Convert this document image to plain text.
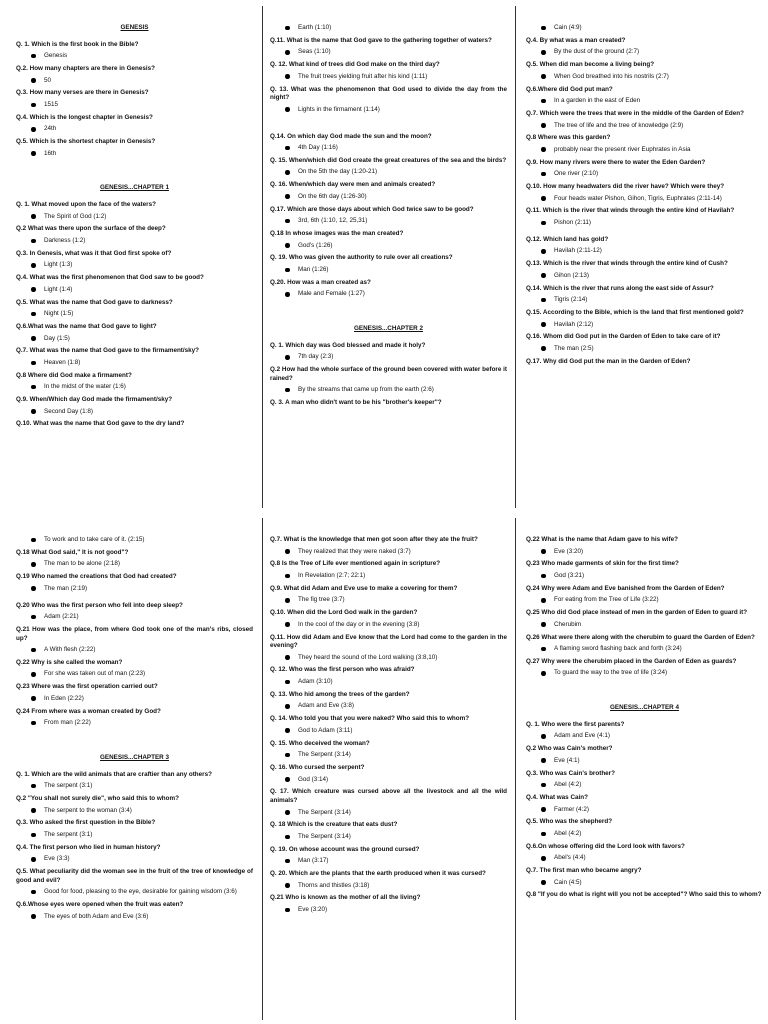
GENESIS
Q. 1. Which is the first book in the Bible?
Genesis
Q.2. How many chapters are there in Genesis?
50
Q.3. How many verses are there in Genesis?
1515
Q.4. Which is the longest chapter in Genesis?
24th
Q.5. Which is the shortest chapter in Genesis?
16th
GENESIS...CHAPTER 1
Q. 1. What moved upon the face of the waters?
The Spirit of God (1:2)
Q.2 What was there upon the surface of the deep?
Darkness (1:2)
Q.3. In Genesis, what was it that God first spoke of?
Light (1:3)
Q.4. What was the first phenomenon that God saw to be good?
Light (1:4)
Q.5. What was the name that God gave to darkness?
Night (1:5)
Q.6.What was the name that God gave to light?
Day (1:5)
Q.7. What was the name that God gave to the firmament/sky?
Heaven (1:8)
Q.8 Where did God make a firmament?
In the midst of the water (1:6)
Q.9. When/Which day God made the firmament/sky?
Second Day (1:8)
Q.10. What was the name that God gave to the dry land?
Earth (1:10)
Q.11. What is the name that God gave to the gathering together of waters?
Seas (1:10)
Q. 12. What kind of trees did God make on the third day?
The fruit trees yielding fruit after his kind (1:11)
Q. 13. What was the phenomenon that God used to divide the day from the night?
Lights in the firmament (1:14)
Q.14. On which day God made the sun and the moon?
4th Day (1:16)
Q. 15. When/which did God create the great creatures of the sea and the birds?
On the 5th the day (1:20-21)
Q. 16. When/which day were men and animals created?
On the 6th day (1:26-30)
Q.17. Which are those days about which God twice saw to be good?
3rd, 6th (1:10, 12, 25,31)
Q.18 In whose images was the man created?
God's (1:26)
Q. 19. Who was given the authority to rule over all creations?
Man (1:26)
Q.20. How was a man created as?
Male and Female (1:27)
GENESIS...CHAPTER 2
Q. 1. Which day was God blessed and made it holy?
7th day (2:3)
Q.2 How had the whole surface of the ground been covered with water before it rained?
By the streams that came up from the earth (2:6)
Q. 3. A man who didn't want to be his "brother's keeper"?
Cain (4:9)
Q.4. By what was a man created?
By the dust of the ground (2:7)
Q.5. When did man become a living being?
When God breathed into his nostrils (2:7)
Q.6.Where did God put man?
In a garden in the east of Eden
Q.7. Which were the trees that were in the middle of the Garden of Eden?
The tree of life and the tree of knowledge (2:9)
Q.8 Where was this garden?
probably near the present river Euphrates in Asia
Q.9. How many rivers were there to water the Eden Garden?
One river (2:10)
Q.10. How many headwaters did the river have? Which were they?
Four heads water Pishon, Gihon, Tigris, Euphrates (2:11-14)
Q.11. Which is the river that winds through the entire kind of Havilah?
Pishon (2:11)
Q.12. Which land has gold?
Havilah (2:11-12)
Q.13. Which is the river that winds through the entire kind of Cush?
Gihon (2:13)
Q.14. Which is the river that runs along the east side of Assur?
Tigris (2:14)
Q.15. According to the Bible, which is the land that first mentioned gold?
Havilah (2:12)
Q.16. Whom did God put in the Garden of Eden to take care of it?
The man (2:5)
Q.17. Why did God put the man in the Garden of Eden?
To work and to take care of it. (2:15)
Q.18 What God said," It is not good"?
The man to be alone (2:18)
Q.19 Who named the creations that God had created?
The man (2:19)
Q.20 Who was the first person who fell into deep sleep?
Adam (2:21)
Q.21 How was the place, from where God took one of the man's ribs, closed up?
A With flesh (2:22)
Q.22 Why is she called the woman?
For she was taken out of man (2:23)
Q.23 Where was the first operation carried out?
In Eden (2:22)
Q.24 From where was a woman created by God?
From man (2:22)
GENESIS...CHAPTER 3
Q. 1. Which are the wild animals that are craftier than any others?
The serpent (3:1)
Q.2 "You shall not surely die", who said this to whom?
The serpent to the woman (3:4)
Q.3. Who asked the first question in the Bible?
The serpent (3:1)
Q.4. The first person who lied in human history?
Eve (3:3)
Q.5. What peculiarity did the woman see in the fruit of the tree of knowledge of good and evil?
Good for food, pleasing to the eye, desirable for gaining wisdom (3:6)
Q.6.Whose eyes were opened when the fruit was eaten?
The eyes of both Adam and Eve (3:6)
Q.7. What is the knowledge that men got soon after they ate the fruit?
They realized that they were naked (3:7)
Q.8 Is the Tree of Life ever mentioned again in scripture?
In Revelation (2:7; 22:1)
Q.9. What did Adam and Eve use to make a covering for them?
The fig tree (3:7)
Q.10. When did the Lord God walk in the garden?
In the cool of the day or in the evening (3:8)
Q.11. How did Adam and Eve know that the Lord had come to the garden in the evening?
They heard the sound of the Lord walking (3:8,10)
Q. 12. Who was the first person who was afraid?
Adam (3:10)
Q. 13. Who hid among the trees of the garden?
Adam and Eve (3:8)
Q. 14. Who told you that you were naked? Who said this to whom?
God to Adam (3:11)
Q. 15. Who deceived the woman?
The Serpent (3:14)
Q. 16. Who cursed the serpent?
God (3:14)
Q. 17. Which creature was cursed above all the livestock and all the wild animals?
The Serpent (3:14)
Q. 18 Which is the creature that eats dust?
The Serpent (3:14)
Q. 19. On whose account was the ground cursed?
Man (3:17)
Q. 20. Which are the plants that the earth produced when it was cursed?
Thorns and thistles (3:18)
Q.21 Who is known as the mother of all the living?
Eve (3:20)
Q.22 What is the name that Adam gave to his wife?
Eve (3:20)
Q.23 Who made garments of skin for the first time?
God (3:21)
Q.24 Why were Adam and Eve banished from the Garden of Eden?
For eating from the Tree of Life (3:22)
Q.25 Who did God place instead of men in the garden of Eden to guard it?
Cherubim
Q.26 What were there along with the cherubim to guard the Garden of Eden?
A flaming sword flashing back and forth (3:24)
Q.27 Why were the cherubim placed in the Garden of Eden as guards?
To guard the way to the tree of life (3:24)
GENESIS...CHAPTER 4
Q. 1. Who were the first parents?
Adam and Eve (4:1)
Q.2 Who was Cain's mother?
Eve (4:1)
Q.3. Who was Cain's brother?
Abel (4:2)
Q.4. What was Cain?
Farmer (4:2)
Q.5. Who was the shepherd?
Abel (4:2)
Q.6.On whose offering did the Lord look with favors?
Abel's (4:4)
Q.7. The first man who became angry?
Cain (4:5)
Q.8 "If you do what is right will you not be accepted"? Who said this to whom?
